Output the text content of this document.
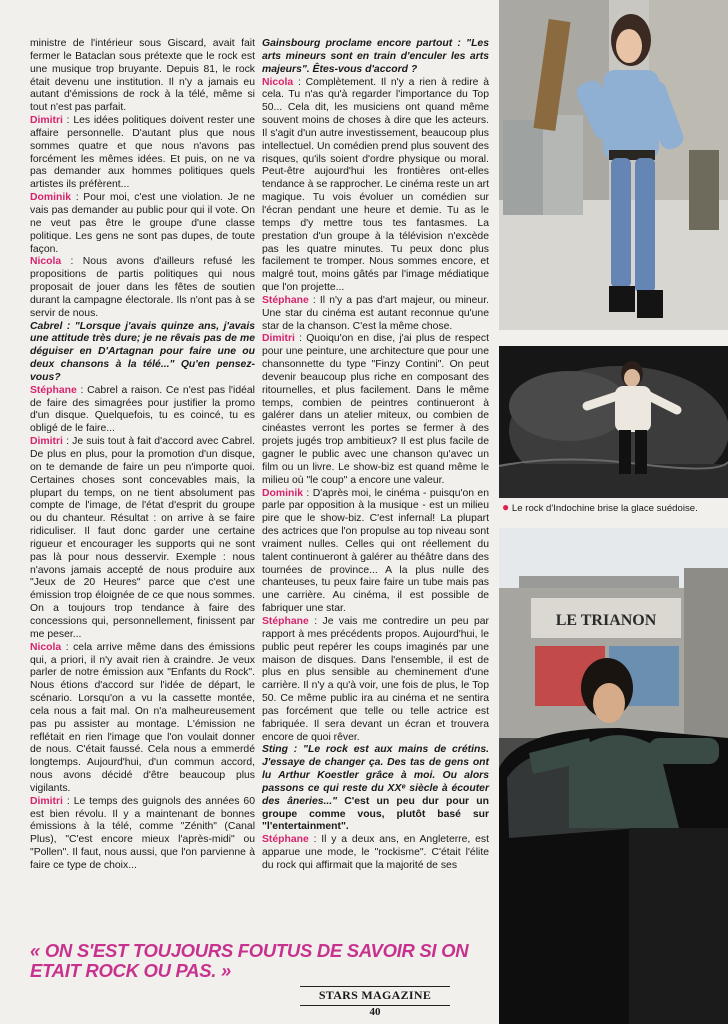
ministre de l'intérieur sous Giscard, avait fait fermer le Bataclan sous prétexte que le rock est une musique trop bruyante. Depuis 81, le rock était devenu une institution. Il n'y a jamais eu autant d'émissions de rock à la télé, même si tout n'est pas parfait.

Dimitri : Les idées politiques doivent rester une affaire personnelle. D'autant plus que nous sommes quatre et que nous n'avons pas forcément les mêmes idées. Et puis, on ne va pas demander aux hommes politiques quels artistes ils préfèrent...

Dominik : Pour moi, c'est une violation. Je ne vais pas demander au public pour qui il vote. On ne veut pas être le groupe d'une classe politique. Les gens ne sont pas dupes, de toute façon.

Nicola : Nous avons d'ailleurs refusé les propositions de partis politiques qui nous proposait de jouer dans les fêtes de soutien durant la campagne électorale. Ils n'ont pas à se servir de nous.

Cabrel : "Lorsque j'avais quinze ans, j'avais une attitude très dure; je ne rêvais pas de me déguiser en D'Artagnan pour faire une ou deux chansons à la télé..." Qu'en pensez-vous?

Stéphane : Cabrel a raison. Ce n'est pas l'idéal de faire des simagrées pour justifier la promo d'un disque. Quelquefois, tu es coincé, tu es obligé de le faire...

Dimitri : Je suis tout à fait d'accord avec Cabrel. De plus en plus, pour la promotion d'un disque, on te demande de faire un peu n'importe quoi. Certaines choses sont concevables mais, la plupart du temps, on ne tient absolument pas compte de l'image, de l'état d'esprit du groupe ou du chanteur. Résultat : on arrive à se faire ridiculiser. Il faut donc garder une certaine rigueur et encourager les supports qui ne sont pas là pour nous desservir. Exemple : nous n'avons jamais accepté de nous produire aux "Jeux de 20 Heures" parce que c'est une émission trop éloignée de ce que nous sommes. On a toujours trop tendance à faire des concessions qui, personnellement, finissent par me peser...

Nicola : cela arrive même dans des émissions qui, a priori, il n'y avait rien à craindre. Je veux parler de notre émission aux "Enfants du Rock". Nous étions d'accord sur l'idée de départ, le scénario. Lorsqu'on a vu la cassette montée, cela nous a fait mal. On n'a malheureusement pas pu assister au montage. L'émission ne reflétait en rien l'image que l'on voulait donner de nous. C'était faussé. Cela nous a emmerdé longtemps. Aujourd'hui, d'un commun accord, nous avons décidé d'être beaucoup plus vigilants.

Dimitri : Le temps des guignols des années 60 est bien révolu. Il y a maintenant de bonnes émissions à la télé, comme "Zénith" (Canal Plus), "C'est encore mieux l'après-midi" ou "Pollen". Il faut, nous aussi, que l'on parvienne à faire ce type de choix...

Gainsbourg proclame encore partout : "Les arts mineurs sont en train d'enculer les arts majeurs". Êtes-vous d'accord ?

Nicola : Complètement. Il n'y a rien à redire à cela. Tu n'as qu'à regarder l'importance du Top 50... Cela dit, les musiciens ont quand même souvent moins de choses à dire que les acteurs. Il s'agit d'un autre investissement, beaucoup plus intellectuel. Un comédien prend plus souvent des risques, qu'ils soient d'ordre physique ou moral. Peut-être aujourd'hui les frontières ont-elles tendance à se rapprocher. Le cinéma reste un art magique. Tu vois évoluer un comédien sur l'écran pendant une heure et demie. Tu as le temps d'y mettre tous tes fantasmes. La prestation d'un groupe à la télévision n'excède pas les quatre minutes. Tu peux donc plus facilement te tromper. Nous sommes encore, et malgré tout, moins gâtés par l'image médiatique que l'on projette...

Stéphane : Il n'y a pas d'art majeur, ou mineur. Une star du cinéma est autant reconnue qu'une star de la chanson. C'est la même chose.

Dimitri : Quoiqu'on en dise, j'ai plus de respect pour une peinture, une architecture que pour une chansonnette du type "Finzy Contini". On peut devenir beaucoup plus riche en composant des ritournelles, et plus facilement. Dans le même temps, combien de peintres continueront à galérer dans un atelier miteux, ou combien de cinéastes verront les portes se fermer à des projets jugés trop ambitieux? Il est plus facile de gagner le public avec une chanson qu'avec un film ou un livre. Le show-biz est quand même le milieu où "le coup" a encore une valeur.

Dominik : D'après moi, le cinéma - puisqu'on en parle par opposition à la musique - est un milieu pire que le show-biz. C'est infernal! La plupart des actrices que l'on propulse au top niveau sont vraiment nulles. Celles qui ont réellement du talent continueront à galérer au théâtre dans des tournées de province... A la plus nulle des chanteuses, tu peux faire faire un tube mais pas une carrière. Au cinéma, il est possible de fabriquer une star.

Stéphane : Je vais me contredire un peu par rapport à mes précédents propos. Aujourd'hui, le public peut repérer les coups imaginés par une maison de disques. Dans l'ensemble, il est de plus en plus sensible au cheminement d'une carrière. Il n'y a qu'à voir, une fois de plus, le Top 50. Ce même public ira au cinéma et ne sentira pas forcément que telle ou telle actrice est fabriquée. Il sera devant un écran et trouvera encore de quoi rêver.

Sting : "Le rock est aux mains de crétins. J'essaye de changer ça. Des tas de gens ont lu Arthur Koestler grâce à moi. Ou alors passons ce qui reste du XXᵉ siècle à écouter des âneries..." C'est un peu dur pour un groupe comme vous, plutôt basé sur "l'entertainment".

Stéphane : Il y a deux ans, en Angleterre, est apparue une mode, le "rockisme". C'était l'élite du rock qui affirmait que la majorité de ses

● Le rock d'Indochine brise la glace suédoise.
LE TRIANON
« ON S'EST TOUJOURS FOUTUS DE SAVOIR SI ON ETAIT ROCK OU PAS. »
STARS MAGAZINE
40
